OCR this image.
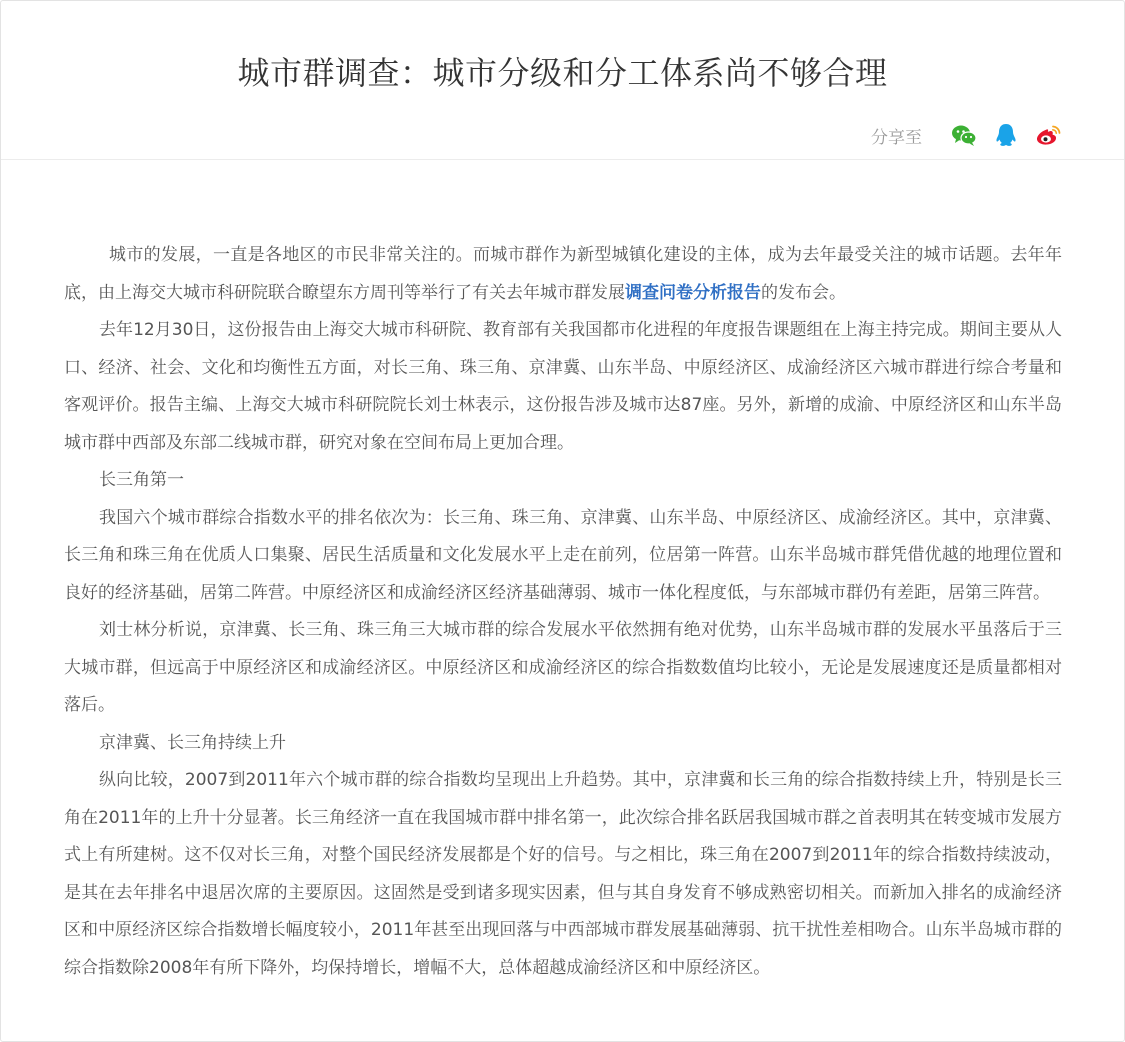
城市群调查：城市分级和分工体系尚不够合理
分享至

城市的发展，一直是各地区的市民非常关注的。而城市群作为新型城镇化建设的主体，成为去年最受关注的城市话题。去年年底，由上海交大城市科研院联合瞭望东方周刊等举行了有关去年城市群发展调查问卷分析报告的发布会。

去年12月30日，这份报告由上海交大城市科研院、教育部有关我国都市化进程的年度报告课题组在上海主持完成。期间主要从人口、经济、社会、文化和均衡性五方面，对长三角、珠三角、京津冀、山东半岛、中原经济区、成渝经济区六城市群进行综合考量和客观评价。报告主编、上海交大城市科研院院长刘士林表示，这份报告涉及城市达87座。另外，新增的成渝、中原经济区和山东半岛城市群中西部及东部二线城市群，研究对象在空间布局上更加合理。

长三角第一

我国六个城市群综合指数水平的排名依次为：长三角、珠三角、京津冀、山东半岛、中原经济区、成渝经济区。其中，京津冀、长三角和珠三角在优质人口集聚、居民生活质量和文化发展水平上走在前列，位居第一阵营。山东半岛城市群凭借优越的地理位置和良好的经济基础，居第二阵营。中原经济区和成渝经济区经济基础薄弱、城市一体化程度低，与东部城市群仍有差距，居第三阵营。

刘士林分析说，京津冀、长三角、珠三角三大城市群的综合发展水平依然拥有绝对优势，山东半岛城市群的发展水平虽落后于三大城市群，但远高于中原经济区和成渝经济区。中原经济区和成渝经济区的综合指数数值均比较小，无论是发展速度还是质量都相对落后。

京津冀、长三角持续上升

纵向比较，2007到2011年六个城市群的综合指数均呈现出上升趋势。其中，京津冀和长三角的综合指数持续上升，特别是长三角在2011年的上升十分显著。长三角经济一直在我国城市群中排名第一，此次综合排名跃居我国城市群之首表明其在转变城市发展方式上有所建树。这不仅对长三角，对整个国民经济发展都是个好的信号。与之相比，珠三角在2007到2011年的综合指数持续波动，是其在去年排名中退居次席的主要原因。这固然是受到诸多现实因素，但与其自身发育不够成熟密切相关。而新加入排名的成渝经济区和中原经济区综合指数增长幅度较小，2011年甚至出现回落与中西部城市群发展基础薄弱、抗干扰性差相吻合。山东半岛城市群的综合指数除2008年有所下降外，均保持增长，增幅不大，总体超越成渝经济区和中原经济区。
